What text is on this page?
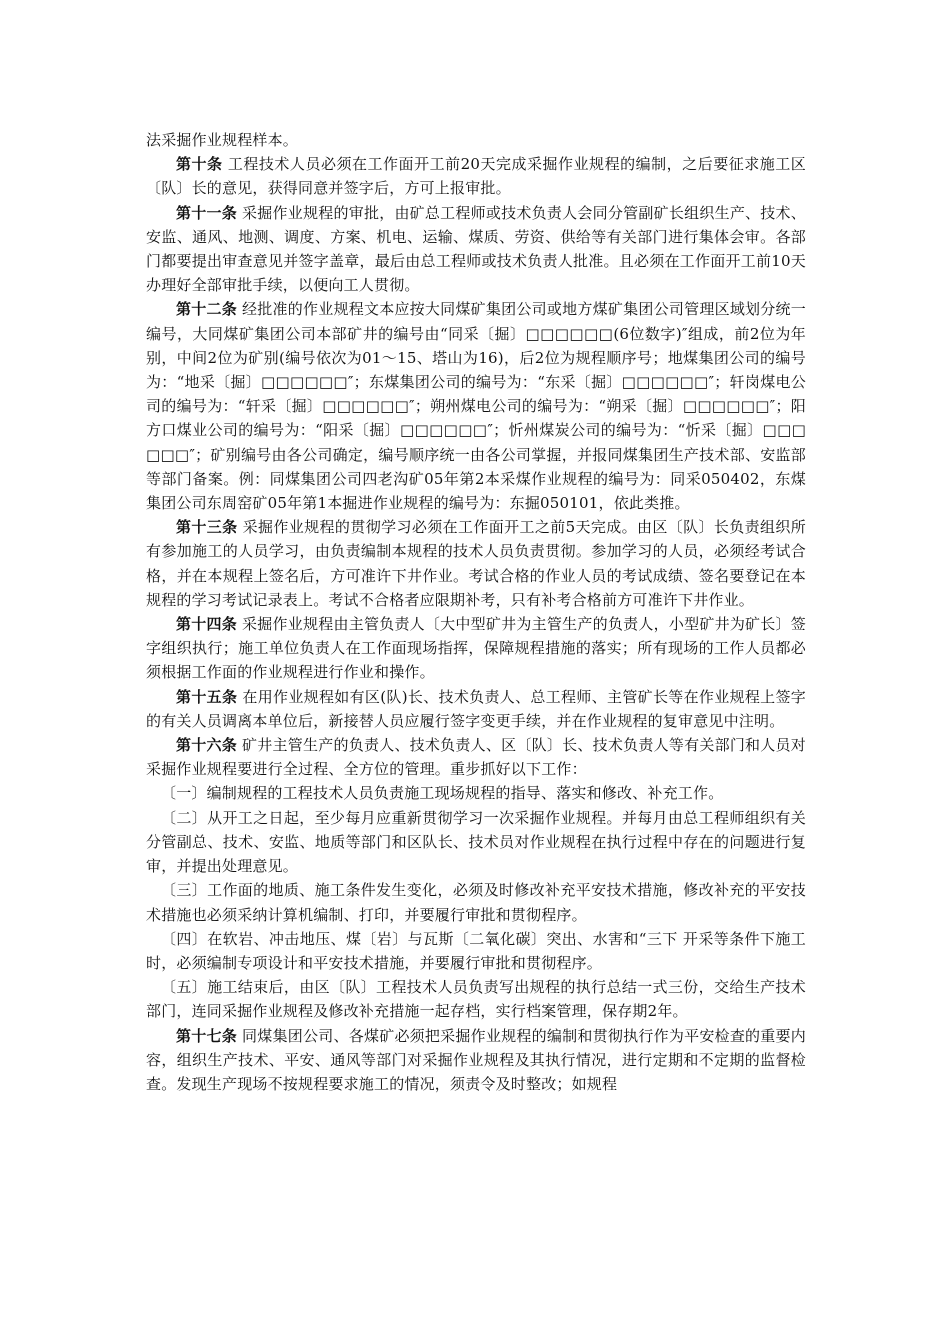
法采掘作业规程样本。

第十条 工程技术人员必须在工作面开工前20天完成采掘作业规程的编制，之后要征求施工区〔队〕长的意见，获得同意并签字后，方可上报审批。

第十一条 采掘作业规程的审批，由矿总工程师或技术负责人会同分管副矿长组织生产、技术、安监、通风、地测、调度、方案、机电、运输、煤质、劳资、供给等有关部门进行集体会审。各部门都要提出审查意见并签字盖章，最后由总工程师或技术负责人批准。且必须在工作面开工前10天办理好全部审批手续，以便向工人贯彻。

第十二条 经批准的作业规程文本应按大同煤矿集团公司或地方煤矿集团公司管理区域划分统一编号，大同煤矿集团公司本部矿井的编号由“同采〔掘〕□□□□□□(6位数字)″组成，前2位为年别，中间2位为矿别(编号依次为01～15、塔山为16)，后2位为规程顺序号；地煤集团公司的编号为：“地采〔掘〕□□□□□□″；东煤集团公司的编号为：“东采〔掘〕□□□□□□″；轩岗煤电公司的编号为：“轩采〔掘〕□□□□□□″；朔州煤电公司的编号为：“朔采〔掘〕□□□□□□″；阳方口煤业公司的编号为：“阳采〔掘〕□□□□□□″；忻州煤炭公司的编号为：“忻采〔掘〕□□□□□□″；矿别编号由各公司确定，编号顺序统一由各公司掌握，并报同煤集团生产技术部、安监部等部门备案。例：同煤集团公司四老沟矿05年第2本采煤作业规程的编号为：同采050402，东煤集团公司东周窑矿05年第1本掘进作业规程的编号为：东掘050101，依此类推。

第十三条 采掘作业规程的贯彻学习必须在工作面开工之前5天完成。由区〔队〕长负责组织所有参加施工的人员学习，由负责编制本规程的技术人员负责贯彻。参加学习的人员，必须经考试合格，并在本规程上签名后，方可准许下井作业。考试合格的作业人员的考试成绩、签名要登记在本规程的学习考试记录表上。考试不合格者应限期补考，只有补考合格前方可准许下井作业。

第十四条 采掘作业规程由主管负责人〔大中型矿井为主管生产的负责人，小型矿井为矿长〕签字组织执行；施工单位负责人在工作面现场指挥，保障规程措施的落实；所有现场的工作人员都必须根据工作面的作业规程进行作业和操作。

第十五条 在用作业规程如有区(队)长、技术负责人、总工程师、主管矿长等在作业规程上签字的有关人员调离本单位后，新接替人员应履行签字变更手续，并在作业规程的复审意见中注明。

第十六条 矿井主管生产的负责人、技术负责人、区〔队〕长、技术负责人等有关部门和人员对采掘作业规程要进行全过程、全方位的管理。重步抓好以下工作：

〔一〕编制规程的工程技术人员负责施工现场规程的指导、落实和修改、补充工作。

〔二〕从开工之日起，至少每月应重新贯彻学习一次采掘作业规程。并每月由总工程师组织有关分管副总、技术、安监、地质等部门和区队长、技术员对作业规程在执行过程中存在的问题进行复审，并提出处理意见。

〔三〕工作面的地质、施工条件发生变化，必须及时修改补充平安技术措施，修改补充的平安技术措施也必须采纳计算机编制、打印，并要履行审批和贯彻程序。

〔四〕在软岩、冲击地压、煤〔岩〕与瓦斯〔二氧化碳〕突出、水害和“三下 开采等条件下施工时，必须编制专项设计和平安技术措施，并要履行审批和贯彻程序。

〔五〕施工结束后，由区〔队〕工程技术人员负责写出规程的执行总结一式三份，交给生产技术部门，连同采掘作业规程及修改补充措施一起存档，实行档案管理，保存期2年。

第十七条 同煤集团公司、各煤矿必须把采掘作业规程的编制和贯彻执行作为平安检查的重要内容，组织生产技术、平安、通风等部门对采掘作业规程及其执行情况，进行定期和不定期的监督检查。发现生产现场不按规程要求施工的情况，须责令及时整改；如规程
